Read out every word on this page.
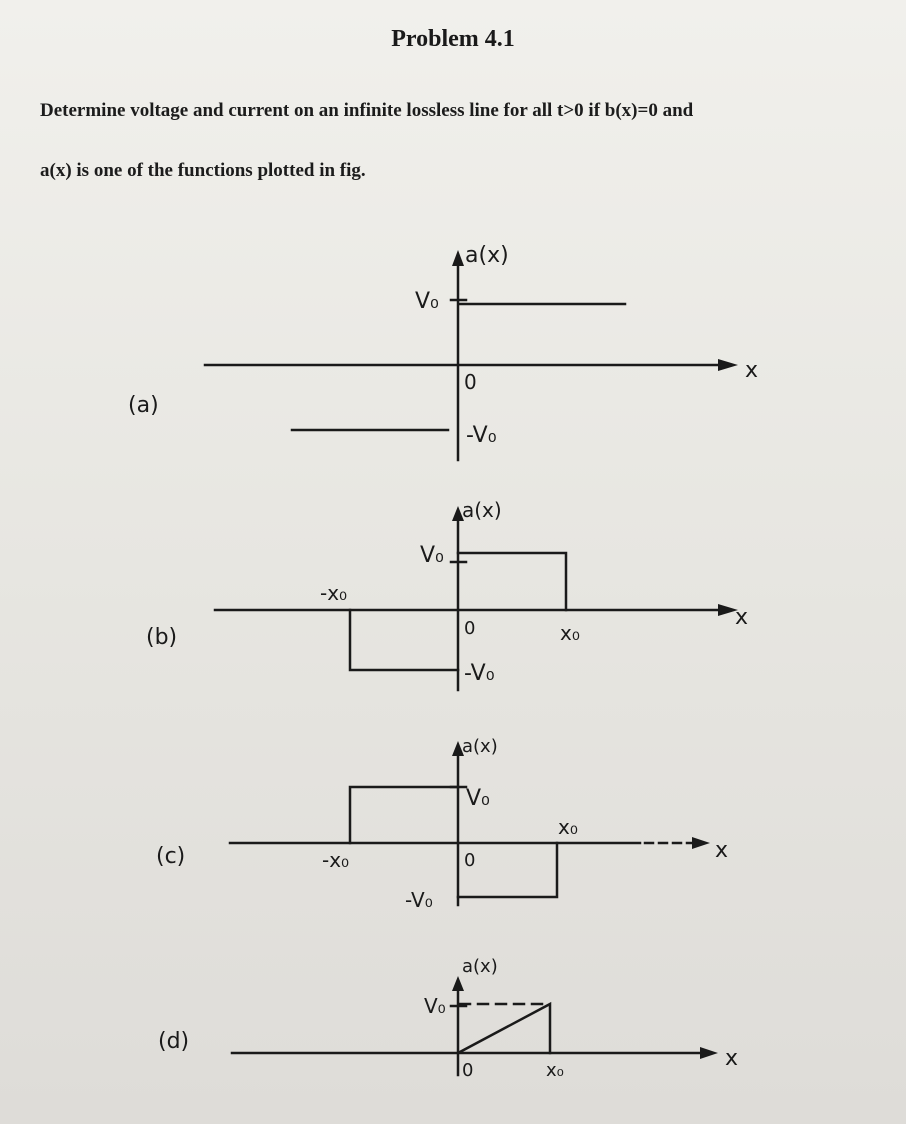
Problem 4.1
Determine voltage and current on an infinite lossless line for all t>0 if b(x)=0 and
a(x) is one of the functions plotted in fig.
(a)
a(x)
x
0
V₀
-V₀
(b)
a(x)
x
0
V₀
-V₀
-x₀
x₀
(c)
a(x)
x
0
V₀
-V₀
-x₀
x₀
(d)
a(x)
x
0
V₀
x₀
